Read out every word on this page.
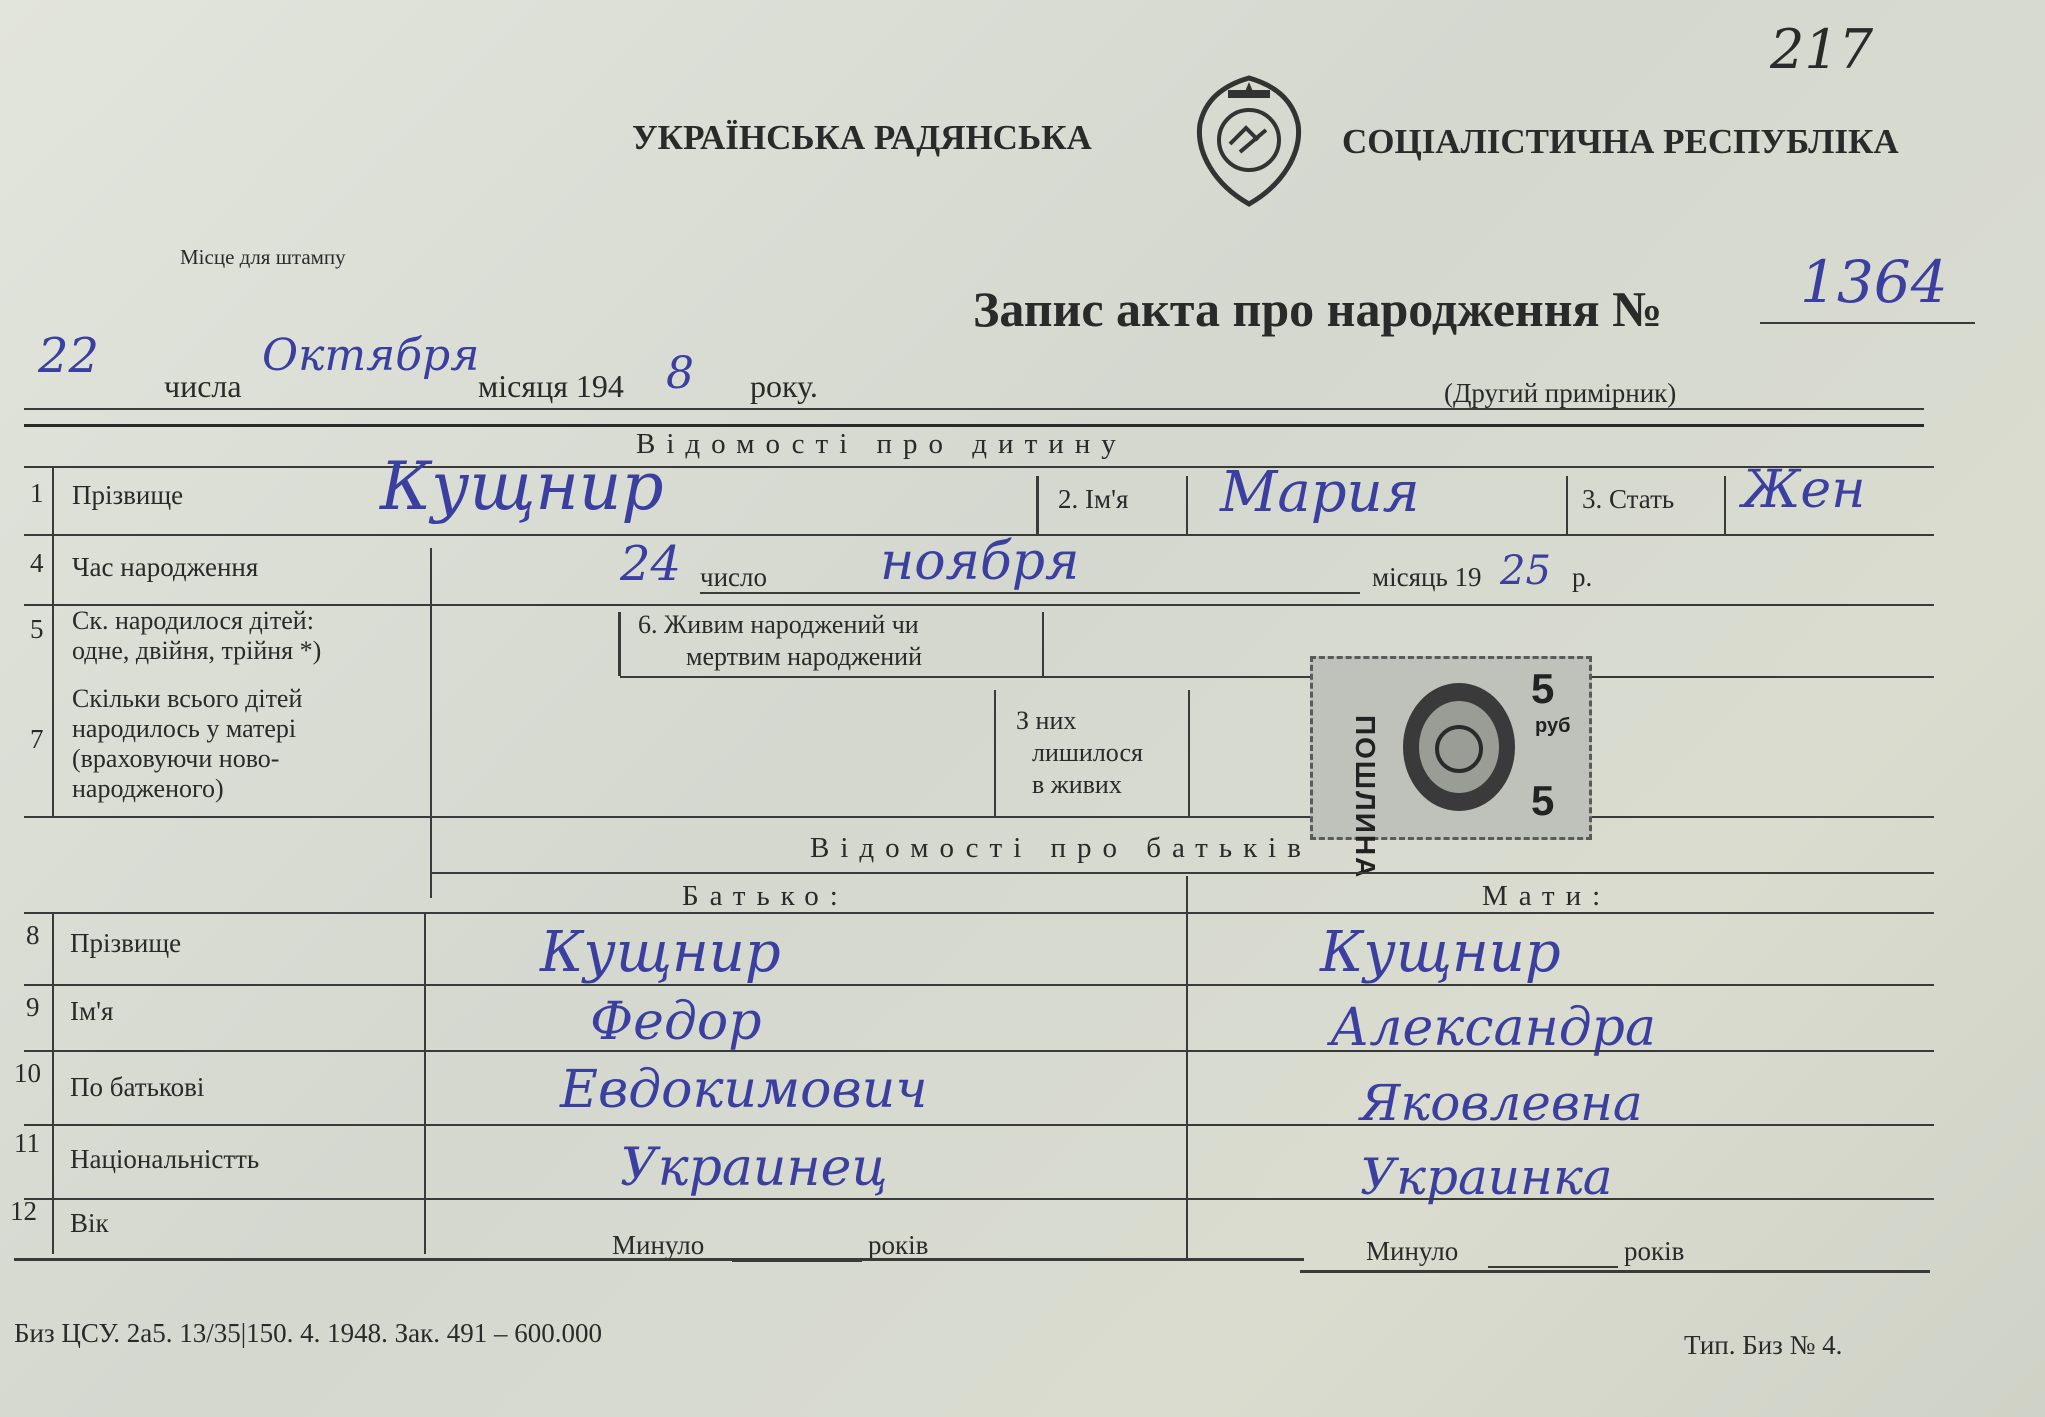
217
УКРАЇНСЬКА РАДЯНСЬКА	СОЦІАЛІСТИЧНА РЕСПУБЛІКА
Місце для штампу
Запис акта про народження № 1364
22
числа
Октября
місяця 194 8 року.	(Другий примірник)
Відомості про дитину
1 Прізвище	Кущнир	2. Ім'я Мария	3. Стать Жен
4 Час народження	24 число ноября	місяць 19 25 р.
5 Ск. народилося дітей:
одне, двійня, трійня *)
6. Живим народжений чи
мертвим народжений
7
Скільки всього дітей
народилось у матері
(враховуючи ново-
народженого)
З них
лишилося
в живих	ПОШЛИНА
5
руб
5
Відомості про батьків
Батько:	Мати:
8 Прізвище	Кущнир	Кущнир
9 Ім'я	Федор	Александра
10 По батькові	Евдокимович	Яковлевна
11
Національністть	Украинец	Украинка
12 Вік
Минуло	років	Минуло	років
Биз ЦСУ. 2а5. 13/35|150. 4. 1948. Зак. 491 – 600.000	Тип. Биз № 4.
